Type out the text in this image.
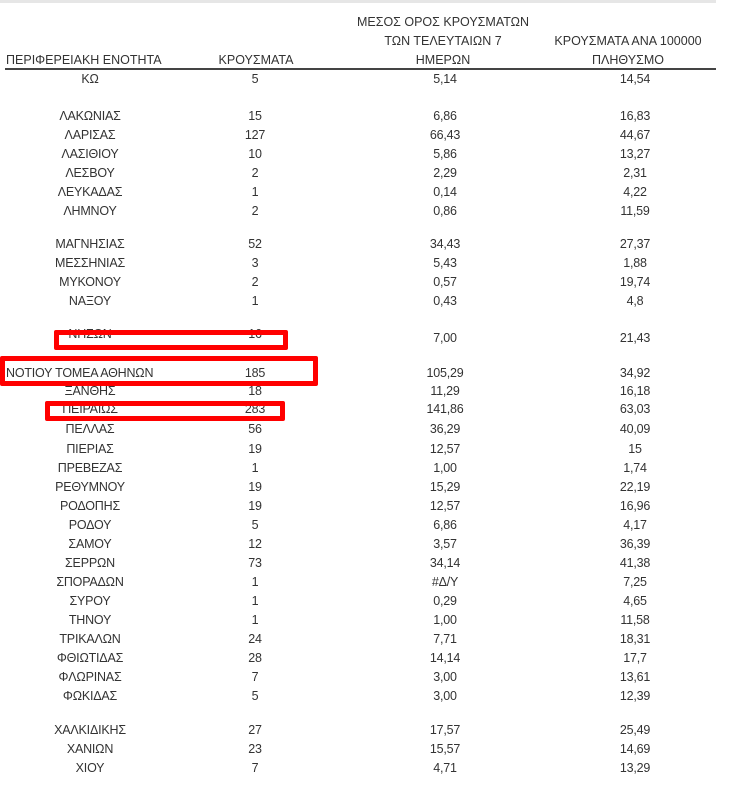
ΠΕΡΙΦΕΡΕΙΑΚΗ ΕΝΟΤΗΤΑ	ΚΡΟΥΣΜΑΤΑ
ΜΕΣΟΣ ΟΡΟΣ ΚΡΟΥΣΜΑΤΩΝ
ΤΩΝ ΤΕΛΕΥΤΑΙΩΝ 7
ΗΜΕΡΩΝ
ΚΡΟΥΣΜΑΤΑ ΑΝΑ 100000
ΠΛΗΘΥΣΜΟ
ΚΩ	5	5,14	14,54
ΛΑΚΩΝΙΑΣ	15	6,86	16,83
ΛΑΡΙΣΑΣ	127	66,43	44,67
ΛΑΣΙΘΙΟΥ	10	5,86	13,27
ΛΕΣΒΟΥ	2	2,29	2,31
ΛΕΥΚΑΔΑΣ	1	0,14	4,22
ΛΗΜΝΟΥ	2	0,86	11,59
ΜΑΓΝΗΣΙΑΣ	52	34,43	27,37
ΜΕΣΣΗΝΙΑΣ	3	5,43	1,88
ΜΥΚΟΝΟΥ	2	0,57	19,74
ΝΑΞΟΥ	1	0,43	4,8
ΝΗΣΩΝ	16	7,00	21,43
ΝΟΤΙΟΥ ΤΟΜΕΑ ΑΘΗΝΩΝ	185	105,29	34,92
ΞΑΝΘΗΣ	18	11,29	16,18
ΠΕΙΡΑΙΩΣ	283	141,86	63,03
ΠΕΛΛΑΣ	56	36,29	40,09
ΠΙΕΡΙΑΣ	19	12,57	15
ΠΡΕΒΕΖΑΣ	1	1,00	1,74
ΡΕΘΥΜΝΟΥ	19	15,29	22,19
ΡΟΔΟΠΗΣ	19	12,57	16,96
ΡΟΔΟΥ	5	6,86	4,17
ΣΑΜΟΥ	12	3,57	36,39
ΣΕΡΡΩΝ	73	34,14	41,38
ΣΠΟΡΑΔΩΝ	1	#Δ/Υ	7,25
ΣΥΡΟΥ	1	0,29	4,65
ΤΗΝΟΥ	1	1,00	11,58
ΤΡΙΚΑΛΩΝ	24	7,71	18,31
ΦΘΙΩΤΙΔΑΣ	28	14,14	17,7
ΦΛΩΡΙΝΑΣ	7	3,00	13,61
ΦΩΚΙΔΑΣ	5	3,00	12,39
ΧΑΛΚΙΔΙΚΗΣ	27	17,57	25,49
ΧΑΝΙΩΝ	23	15,57	14,69
ΧΙΟΥ	7	4,71	13,29
